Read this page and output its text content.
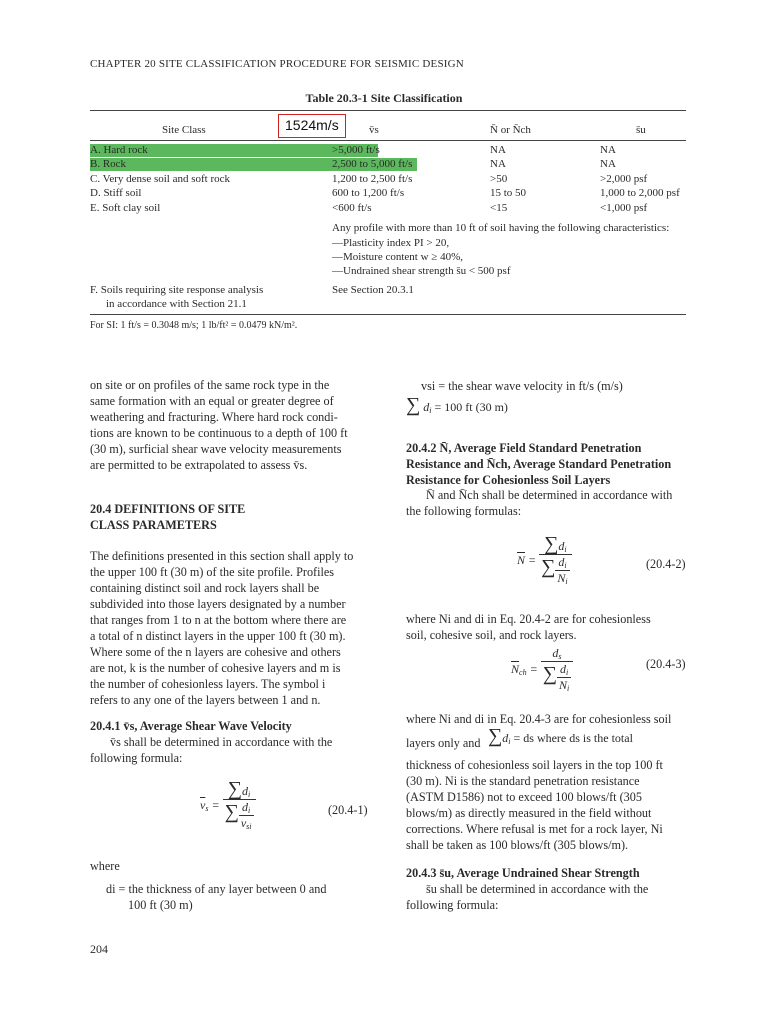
CHAPTER 20 SITE CLASSIFICATION PROCEDURE FOR SEISMIC DESIGN
Table 20.3-1 Site Classification
Site Class	v̄s	N̄ or N̄ch	s̄u
1524m/s
A. Hard rock	>5,000 ft/s	NA	NA
B. Rock	2,500 to 5,000 ft/s	NA	NA
C. Very dense soil and soft rock	1,200 to 2,500 ft/s	>50	>2,000 psf
D. Stiff soil	600 to 1,200 ft/s	15 to 50	1,000 to 2,000 psf
E. Soft clay soil	<600 ft/s	<15	<1,000 psf
Any profile with more than 10 ft of soil having the following characteristics:
—Plasticity index PI > 20,
—Moisture content w ≥ 40%,
—Undrained shear strength s̄u < 500 psf
F. Soils requiring site response analysis
in accordance with Section 21.1
See Section 20.3.1
For SI: 1 ft/s = 0.3048 m/s; 1 lb/ft² = 0.0479 kN/m².
on site or on profiles of the same rock type in the
same formation with an equal or greater degree of
weathering and fracturing. Where hard rock condi-
tions are known to be continuous to a depth of 100 ft
(30 m), surficial shear wave velocity measurements
are permitted to be extrapolated to assess v̄s.
20.4 DEFINITIONS OF SITE
CLASS PARAMETERS
The definitions presented in this section shall apply to
the upper 100 ft (30 m) of the site profile. Profiles
containing distinct soil and rock layers shall be
subdivided into those layers designated by a number
that ranges from 1 to n at the bottom where there are
a total of n distinct layers in the upper 100 ft (30 m).
Where some of the n layers are cohesive and others
are not, k is the number of cohesive layers and m is
the number of cohesionless layers. The symbol i
refers to any one of the layers between 1 and n.
20.4.1 v̄s, Average Shear Wave Velocity
v̄s shall be determined in accordance with the
following formula:
$\overline{v}_s = \frac{\sum d_i}{\sum \frac{d_i}{v_{si}}}$	(20.4-1)
where
di = the thickness of any layer between 0 and
100 ft (30 m)
vsi = the shear wave velocity in ft/s (m/s)
∑ $d_i = 100$ ft (30 m)
20.4.2 N̄, Average Field Standard Penetration
Resistance and N̄ch, Average Standard Penetration
Resistance for Cohesionless Soil Layers
N̄ and N̄ch shall be determined in accordance with
the following formulas:
$\overline{N} = \frac{\sum d_i}{\sum \frac{d_i}{N_i}}$	(20.4-2)
where Ni and di in Eq. 20.4-2 are for cohesionless
soil, cohesive soil, and rock layers.
$\overline{N}_{ch} = \frac{d_s}{\sum \frac{d_i}{N_i}}$	(20.4-3)
where Ni and di in Eq. 20.4-3 are for cohesionless soil
layers only and $\sum d_i$ = ds where ds is the total
thickness of cohesionless soil layers in the top 100 ft
(30 m). Ni is the standard penetration resistance
(ASTM D1586) not to exceed 100 blows/ft (305
blows/m) as directly measured in the field without
corrections. Where refusal is met for a rock layer, Ni
shall be taken as 100 blows/ft (305 blows/m).
20.4.3 s̄u, Average Undrained Shear Strength
s̄u shall be determined in accordance with the
following formula:
204
